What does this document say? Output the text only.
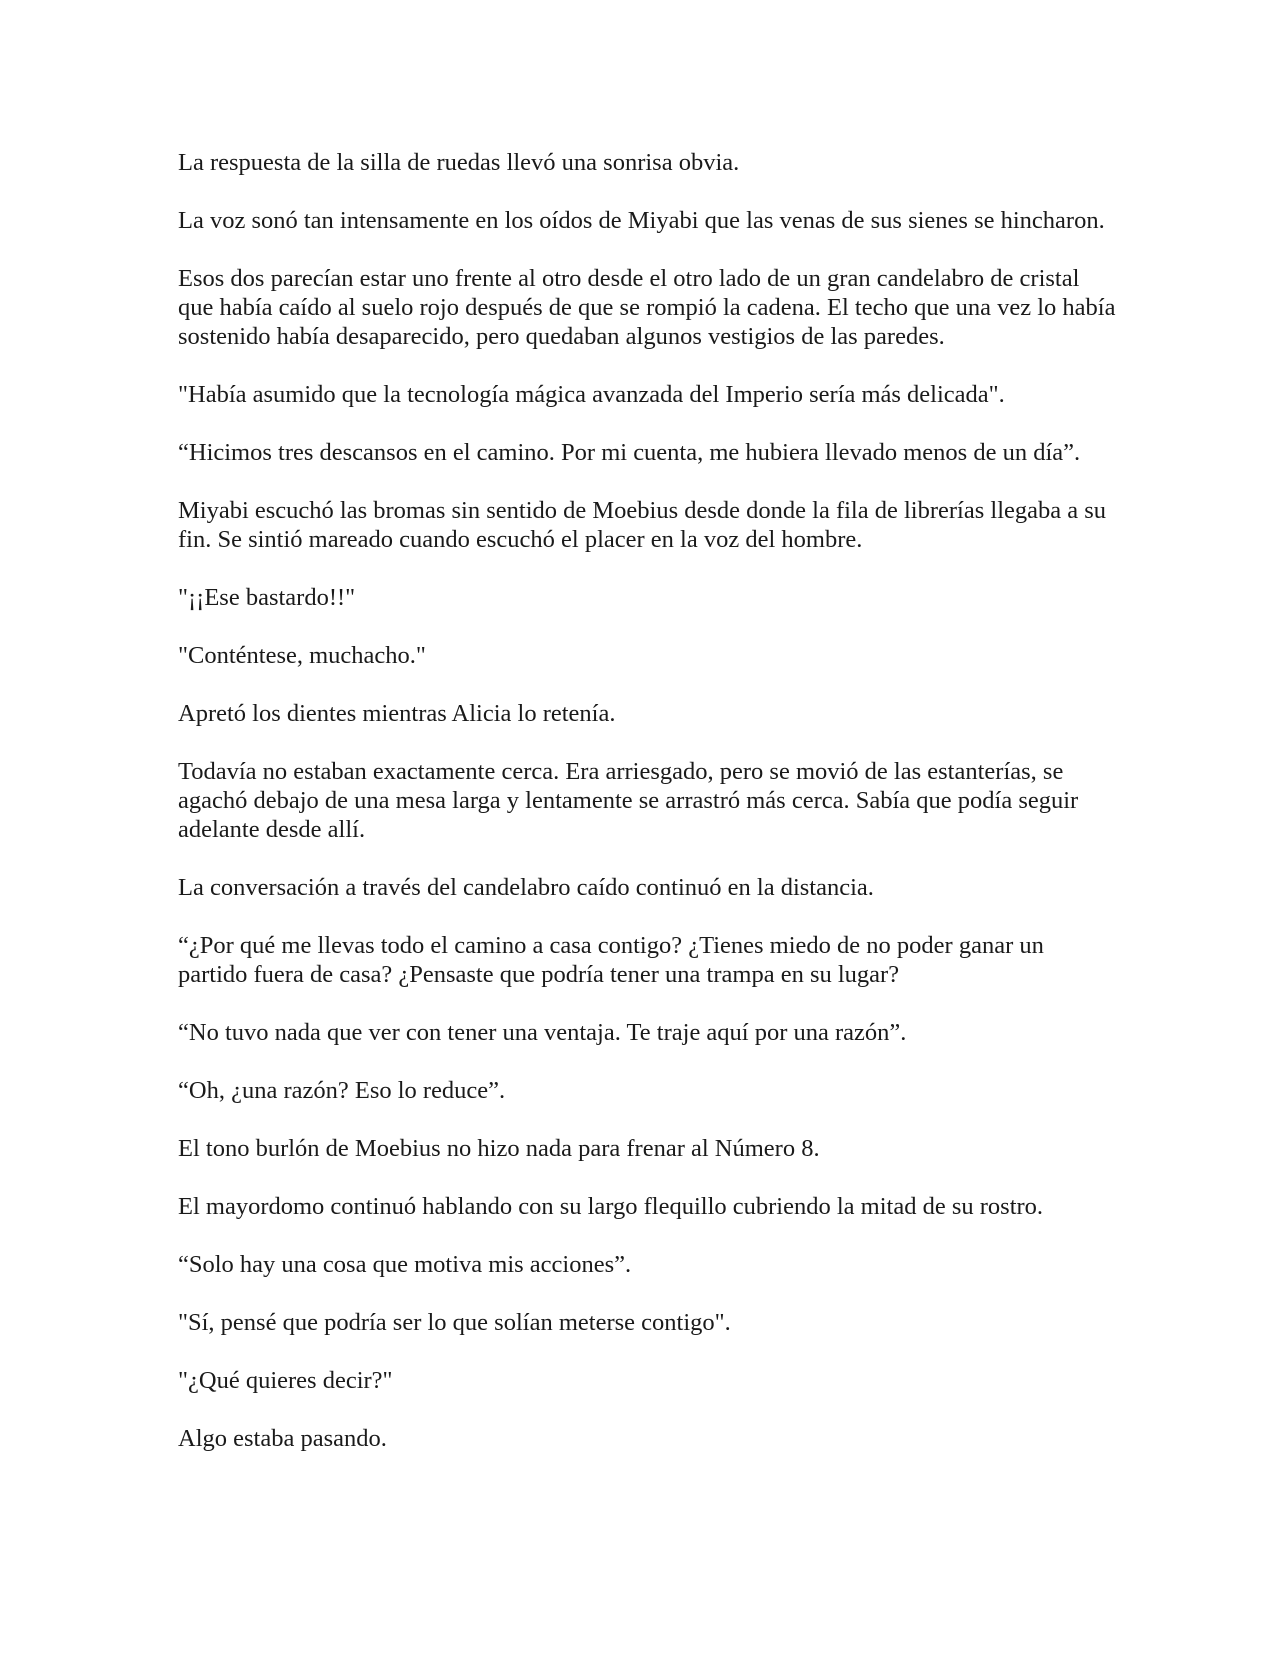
La respuesta de la silla de ruedas llevó una sonrisa obvia.

La voz sonó tan intensamente en los oídos de Miyabi que las venas de sus sienes se hincharon.

Esos dos parecían estar uno frente al otro desde el otro lado de un gran candelabro de cristal que había caído al suelo rojo después de que se rompió la cadena. El techo que una vez lo había sostenido había desaparecido, pero quedaban algunos vestigios de las paredes.

"Había asumido que la tecnología mágica avanzada del Imperio sería más delicada".

“Hicimos tres descansos en el camino. Por mi cuenta, me hubiera llevado menos de un día”.

Miyabi escuchó las bromas sin sentido de Moebius desde donde la fila de librerías llegaba a su fin. Se sintió mareado cuando escuchó el placer en la voz del hombre.

"¡¡Ese bastardo!!"

"Conténtese, muchacho."

Apretó los dientes mientras Alicia lo retenía.

Todavía no estaban exactamente cerca. Era arriesgado, pero se movió de las estanterías, se agachó debajo de una mesa larga y lentamente se arrastró más cerca. Sabía que podía seguir adelante desde allí.

La conversación a través del candelabro caído continuó en la distancia.

“¿Por qué me llevas todo el camino a casa contigo? ¿Tienes miedo de no poder ganar un partido fuera de casa? ¿Pensaste que podría tener una trampa en su lugar?

“No tuvo nada que ver con tener una ventaja. Te traje aquí por una razón”.

“Oh, ¿una razón? Eso lo reduce”.

El tono burlón de Moebius no hizo nada para frenar al Número 8.

El mayordomo continuó hablando con su largo flequillo cubriendo la mitad de su rostro.

“Solo hay una cosa que motiva mis acciones”.

"Sí, pensé que podría ser lo que solían meterse contigo".

"¿Qué quieres decir?"

Algo estaba pasando.
